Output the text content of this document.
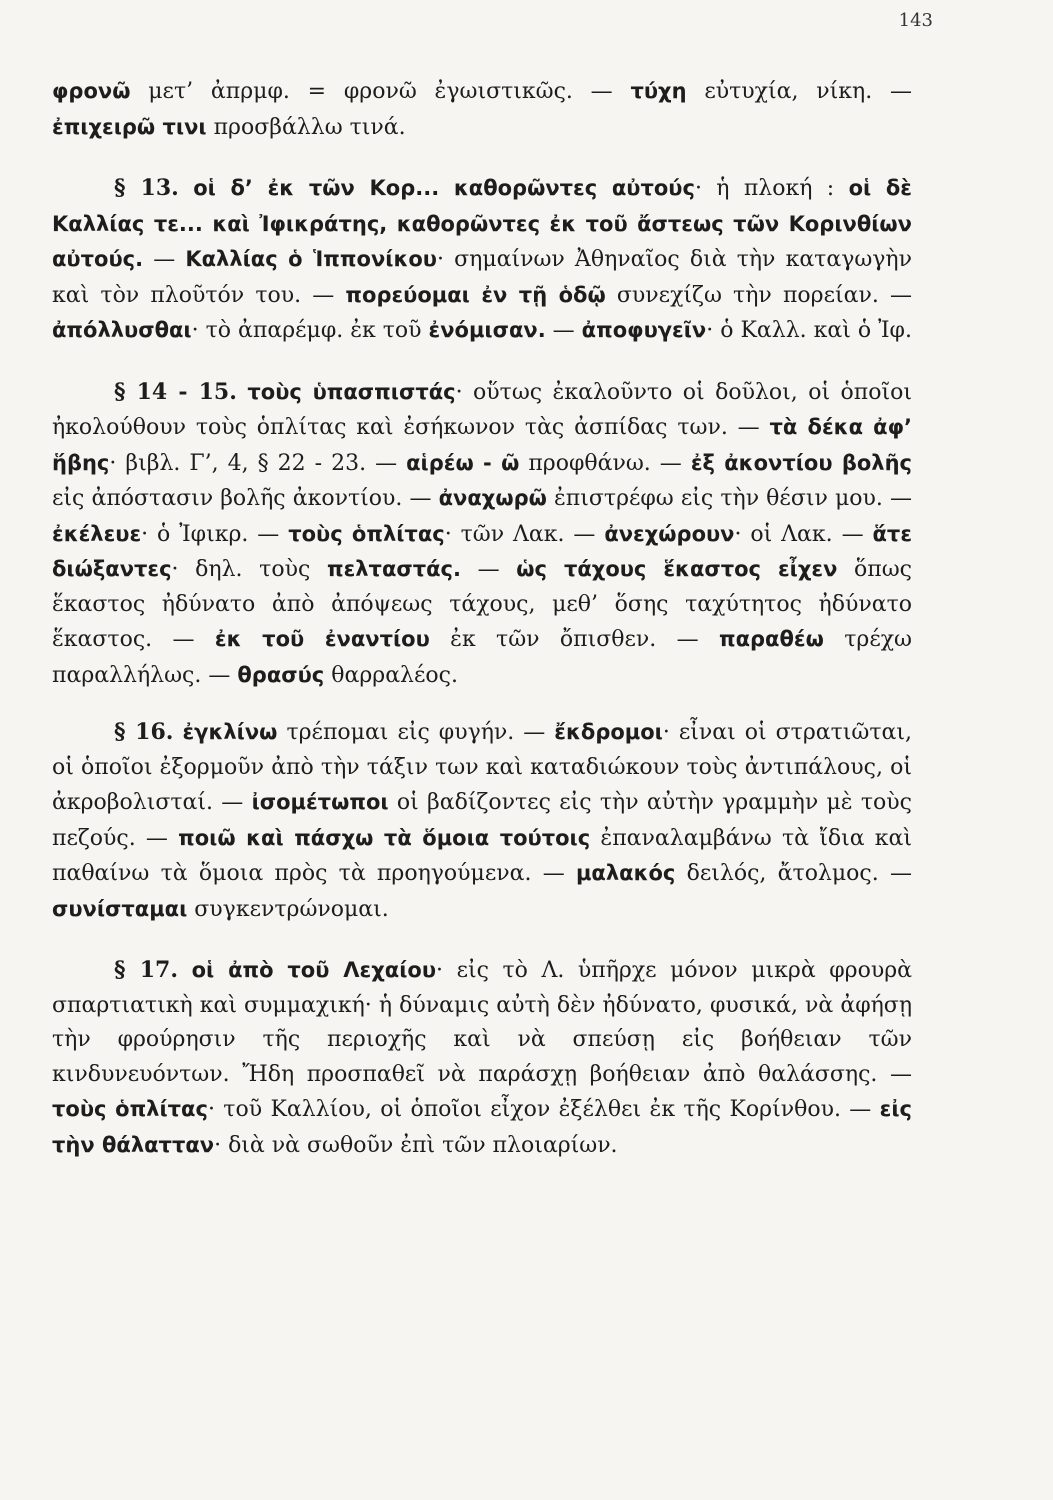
143

φρονῶ μετ’ ἀπρμφ. = φρονῶ ἐγωιστικῶς. — τύχη εὐτυχία, νίκη. — ἐπιχειρῶ τινι προσβάλλω τινά.

§ 13. οἱ δ’ ἐκ τῶν Κορ... καθορῶντες αὐτούς· ἡ πλοκή : οἱ δὲ Καλλίας τε... καὶ Ἰφικράτης, καθορῶντες ἐκ τοῦ ἄστεως τῶν Κορινθίων αὐτούς. — Καλλίας ὁ Ἱππονίκου· σημαίνων Ἀθηναῖος διὰ τὴν καταγωγὴν καὶ τὸν πλοῦτόν του. — πορεύομαι ἐν τῇ ὁδῷ συνεχίζω τὴν πορείαν. — ἀπόλλυσθαι· τὸ ἀπαρέμφ. ἐκ τοῦ ἐνόμισαν. — ἀποφυγεῖν· ὁ Καλλ. καὶ ὁ Ἰφ.

§ 14 - 15. τοὺς ὑπασπιστάς· οὕτως ἐκαλοῦντο οἱ δοῦλοι, οἱ ὁποῖοι ἠκολούθουν τοὺς ὁπλίτας καὶ ἐσήκωνον τὰς ἀσπίδας των. — τὰ δέκα ἀφ’ ἥβης· βιβλ. Γ’, 4, § 22 - 23. — αἱρέω - ῶ προφθάνω. — ἐξ ἀκοντίου βολῆς εἰς ἀπόστασιν βολῆς ἀκοντίου. — ἀναχωρῶ ἐπιστρέφω εἰς τὴν θέσιν μου. — ἐκέλευε· ὁ Ἰφικρ. — τοὺς ὁπλίτας· τῶν Λακ. — ἀνεχώρουν· οἱ Λακ. — ἅτε διώξαντες· δηλ. τοὺς πελταστάς. — ὡς τάχους ἕκαστος εἶχεν ὅπως ἕκαστος ἠδύνατο ἀπὸ ἀπόψεως τάχους, μεθ’ ὅσης ταχύτητος ἠδύνατο ἕκαστος. — ἐκ τοῦ ἐναντίου ἐκ τῶν ὄπισθεν. — παραθέω τρέχω παραλλήλως. — θρασύς θαρραλέος.

§ 16. ἐγκλίνω τρέπομαι εἰς φυγήν. — ἔκδρομοι· εἶναι οἱ στρατιῶται, οἱ ὁποῖοι ἐξορμοῦν ἀπὸ τὴν τάξιν των καὶ καταδιώκουν τοὺς ἀντιπάλους, οἱ ἀκροβολισταί. — ἰσομέτωποι οἱ βαδίζοντες εἰς τὴν αὐτὴν γραμμὴν μὲ τοὺς πεζούς. — ποιῶ καὶ πάσχω τὰ ὅμοια τούτοις ἐπαναλαμβάνω τὰ ἴδια καὶ παθαίνω τὰ ὅμοια πρὸς τὰ προηγούμενα. — μαλακός δειλός, ἄτολμος. — συνίσταμαι συγκεντρώνομαι.

§ 17. οἱ ἀπὸ τοῦ Λεχαίου· εἰς τὸ Λ. ὑπῆρχε μόνον μικρὰ φρουρὰ σπαρτιατικὴ καὶ συμμαχική· ἡ δύναμις αὐτὴ δὲν ἠδύνατο, φυσικά, νὰ ἀφήσῃ τὴν φρούρησιν τῆς περιοχῆς καὶ νὰ σπεύσῃ εἰς βοήθειαν τῶν κινδυνευόντων. Ἤδη προσπαθεῖ νὰ παράσχῃ βοήθειαν ἀπὸ θαλάσσης. — τοὺς ὁπλίτας· τοῦ Καλλίου, οἱ ὁποῖοι εἶχον ἐξέλθει ἐκ τῆς Κορίνθου. — εἰς τὴν θάλατταν· διὰ νὰ σωθοῦν ἐπὶ τῶν πλοιαρίων.
